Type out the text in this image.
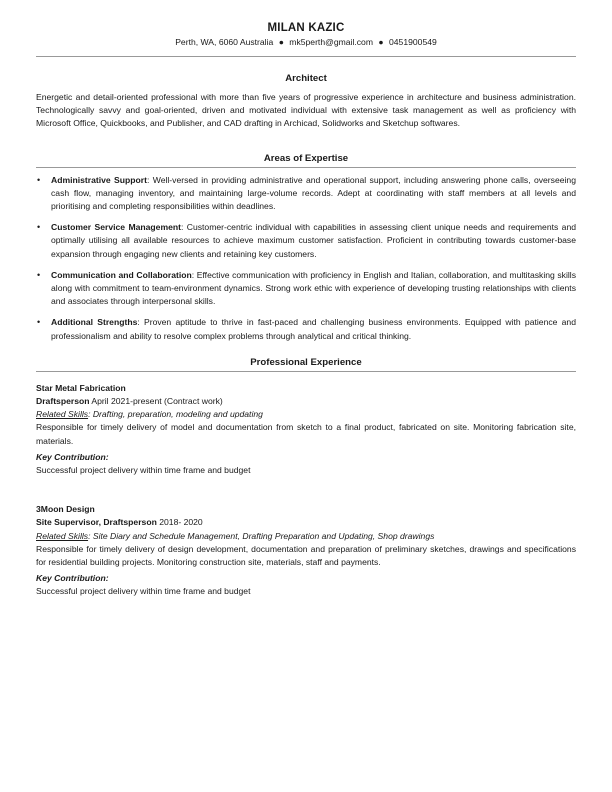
MILAN KAZIC
Perth, WA, 6060 Australia ● mk5perth@gmail.com ● 0451900549
Architect
Energetic and detail-oriented professional with more than five years of progressive experience in architecture and business administration. Technologically savvy and goal-oriented, driven and motivated individual with extensive task management as well as proficiency with Microsoft Office, Quickbooks, and Publisher, and CAD drafting in Archicad, Solidworks and Sketchup softwares.
Areas of Expertise
• Administrative Support: Well-versed in providing administrative and operational support, including answering phone calls, overseeing cash flow, managing inventory, and maintaining large-volume records. Adept at coordinating with staff members at all levels and prioritising and completing responsibilities within deadlines.
• Customer Service Management: Customer-centric individual with capabilities in assessing client unique needs and requirements and optimally utilising all available resources to achieve maximum customer satisfaction. Proficient in contributing towards customer-base expansion through engaging new clients and retaining key customers.
• Communication and Collaboration: Effective communication with proficiency in English and Italian, collaboration, and multitasking skills along with commitment to team-environment dynamics. Strong work ethic with experience of developing trusting relationships with clients and associates through interpersonal skills.
• Additional Strengths: Proven aptitude to thrive in fast-paced and challenging business environments. Equipped with patience and professionalism and ability to resolve complex problems through analytical and critical thinking.
Professional Experience
Star Metal Fabrication
Draftsperson April 2021-present (Contract work)
Related Skills: Drafting, preparation, modeling and updating
Responsible for timely delivery of model and documentation from sketch to a final product, fabricated on site. Monitoring fabrication site, materials.
Key Contribution:
Successful project delivery within time frame and budget
3Moon Design
Site Supervisor, Draftsperson 2018- 2020
Related Skills: Site Diary and Schedule Management, Drafting Preparation and Updating, Shop drawings
Responsible for timely delivery of design development, documentation and preparation of preliminary sketches, drawings and specifications for residential building projects. Monitoring construction site, materials, staff and payments.
Key Contribution:
Successful project delivery within time frame and budget
